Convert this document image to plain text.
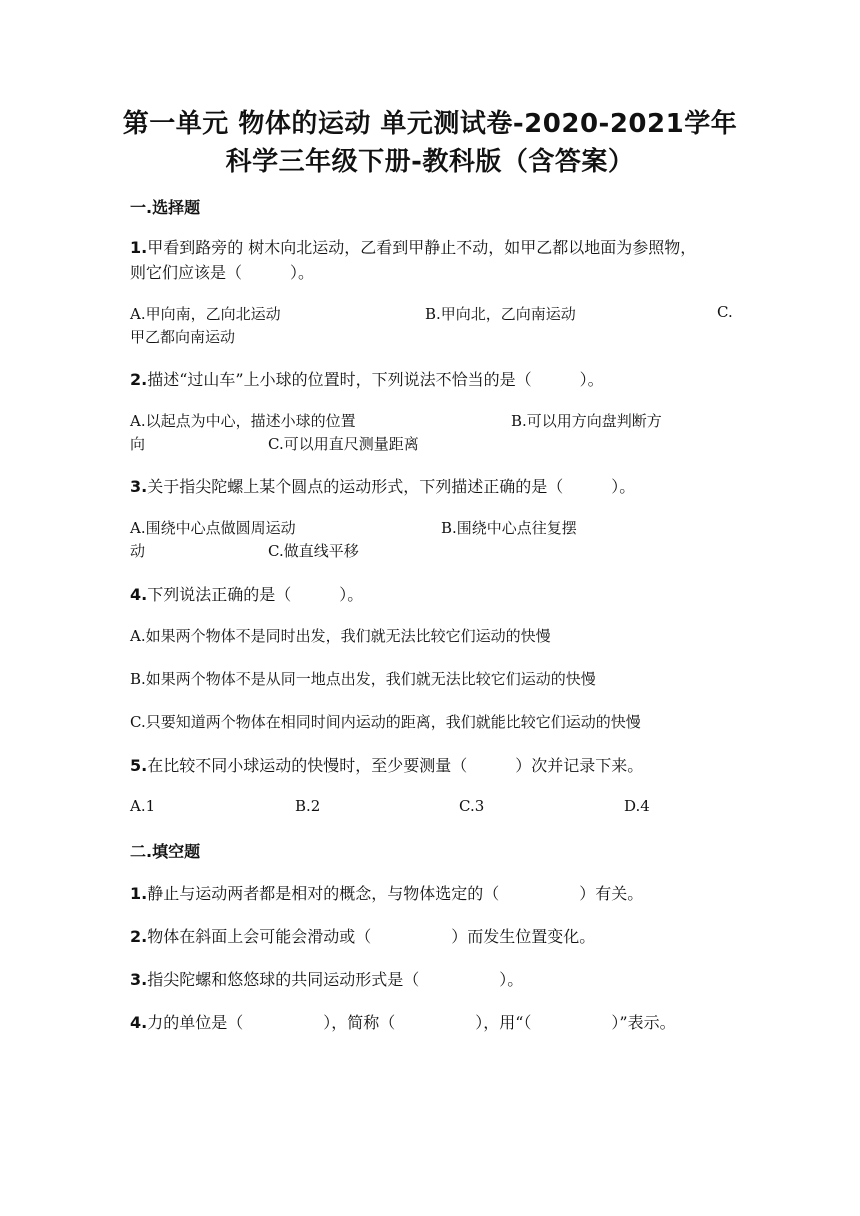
第一单元 物体的运动 单元测试卷-2020-2021学年
科学三年级下册-教科版（含答案）
一.选择题
1.甲看到路旁的 树木向北运动，乙看到甲静止不动，如甲乙都以地面为参照物，
则它们应该是（　　　）。
A.甲向南，乙向北运动	B.甲向北，乙向南运动	C.
甲乙都向南运动
2.描述“过山车”上小球的位置时，下列说法不恰当的是（　　　）。
A.以起点为中心，描述小球的位置	B.可以用方向盘判断方
向	C.可以用直尺测量距离
3.关于指尖陀螺上某个圆点的运动形式，下列描述正确的是（　　　）。
A.围绕中心点做圆周运动	B.围绕中心点往复摆
动	C.做直线平移
4.下列说法正确的是（　　　）。
A.如果两个物体不是同时出发，我们就无法比较它们运动的快慢
B.如果两个物体不是从同一地点出发，我们就无法比较它们运动的快慢
C.只要知道两个物体在相同时间内运动的距离，我们就能比较它们运动的快慢
5.在比较不同小球运动的快慢时，至少要测量（　　　）次并记录下来。
A.1	B.2	C.3	D.4
二.填空题
1.静止与运动两者都是相对的概念，与物体选定的（　　　　　）有关。
2.物体在斜面上会可能会滑动或（　　　　　）而发生位置变化。
3.指尖陀螺和悠悠球的共同运动形式是（　　　　　）。
4.力的单位是（　　　　　），简称（　　　　　），用“（　　　　　）”表示。
